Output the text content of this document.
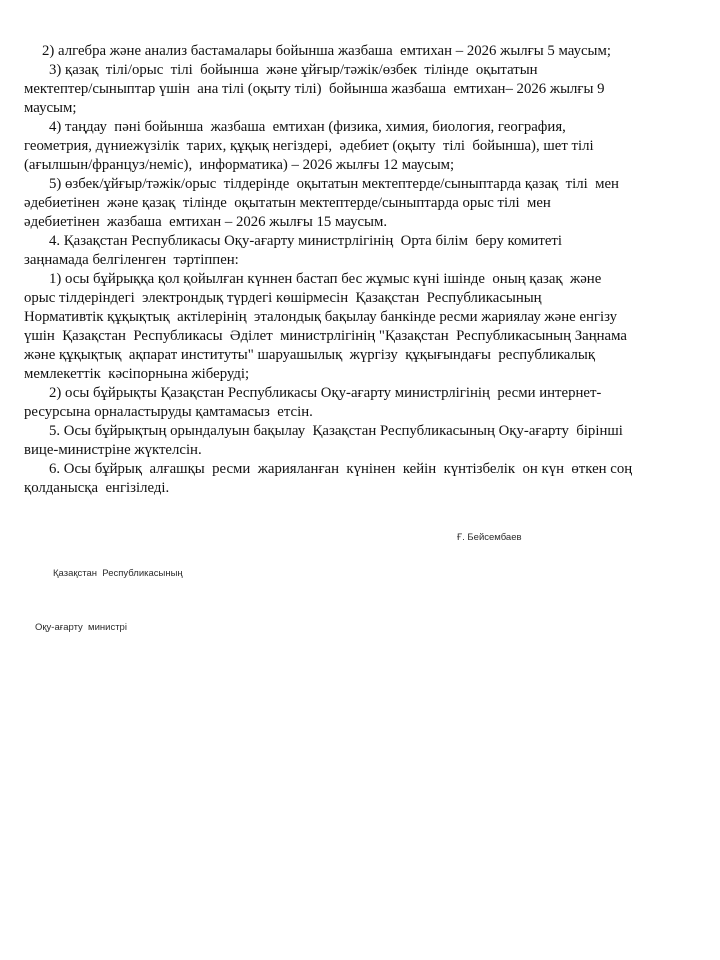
2) алгебра және анализ бастамалары бойынша жазбаша  емтихан – 2026 жылғы 5 маусым;
3) қазақ  тілі/орыс  тілі  бойынша  және ұйғыр/тәжік/өзбек  тілінде  оқытатын
мектептер/сыныптар үшін  ана тілі (оқыту тілі)  бойынша жазбаша  емтихан– 2026 жылғы 9
маусым;
4) таңдау  пәні бойынша  жазбаша  емтихан (физика, химия, биология, география,
геометрия, дүниежүзілік  тарих, құқық негіздері,  әдебиет (оқыту  тілі  бойынша), шет тілі
(ағылшын/француз/неміс),  информатика) – 2026 жылғы 12 маусым;
5) өзбек/ұйғыр/тәжік/орыс  тілдерінде  оқытатын мектептерде/сыныптарда қазақ  тілі  мен
әдебиетінен  және қазақ  тілінде  оқытатын мектептерде/сыныптарда орыс тілі  мен
әдебиетінен  жазбаша  емтихан – 2026 жылғы 15 маусым.
4. Қазақстан Республикасы Оқу-ағарту министрлігінің  Орта білім  беру комитеті
заңнамада белгіленген  тәртіппен:
1) осы бұйрыққа қол қойылған күннен бастап бес жұмыс күні ішінде  оның қазақ  және
орыс тілдеріндегі  электрондық түрдегі көшірмесін  Қазақстан  Республикасының
Нормативтік құқықтық  актілерінің  эталондық бақылау банкінде ресми жариялау және енгізу
үшін  Қазақстан  Республикасы  Әділет  министрлігінің "Қазақстан  Республикасының Заңнама
және құқықтық  ақпарат институты" шаруашылық  жүргізу  құқығындағы  республикалық
мемлекеттік  кәсіпорнына жіберуді;
2) осы бұйрықты Қазақстан Республикасы Оқу-ағарту министрлігінің  ресми интернет-
ресурсына орналастыруды қамтамасыз  етсін.
5. Осы бұйрықтың орындалуын бақылау  Қазақстан Республикасының Оқу-ағарту  бірінші
вице-министріне жүктелсін.
6. Осы бұйрық  алғашқы  ресми  жарияланған  күнінен  кейін  күнтізбелік  он күн  өткен соң
қолданысқа  енгізіледі.

Қазақстан  Республикасының

Оқу-ағарту  министрі

Ғ. Бейсембаев
